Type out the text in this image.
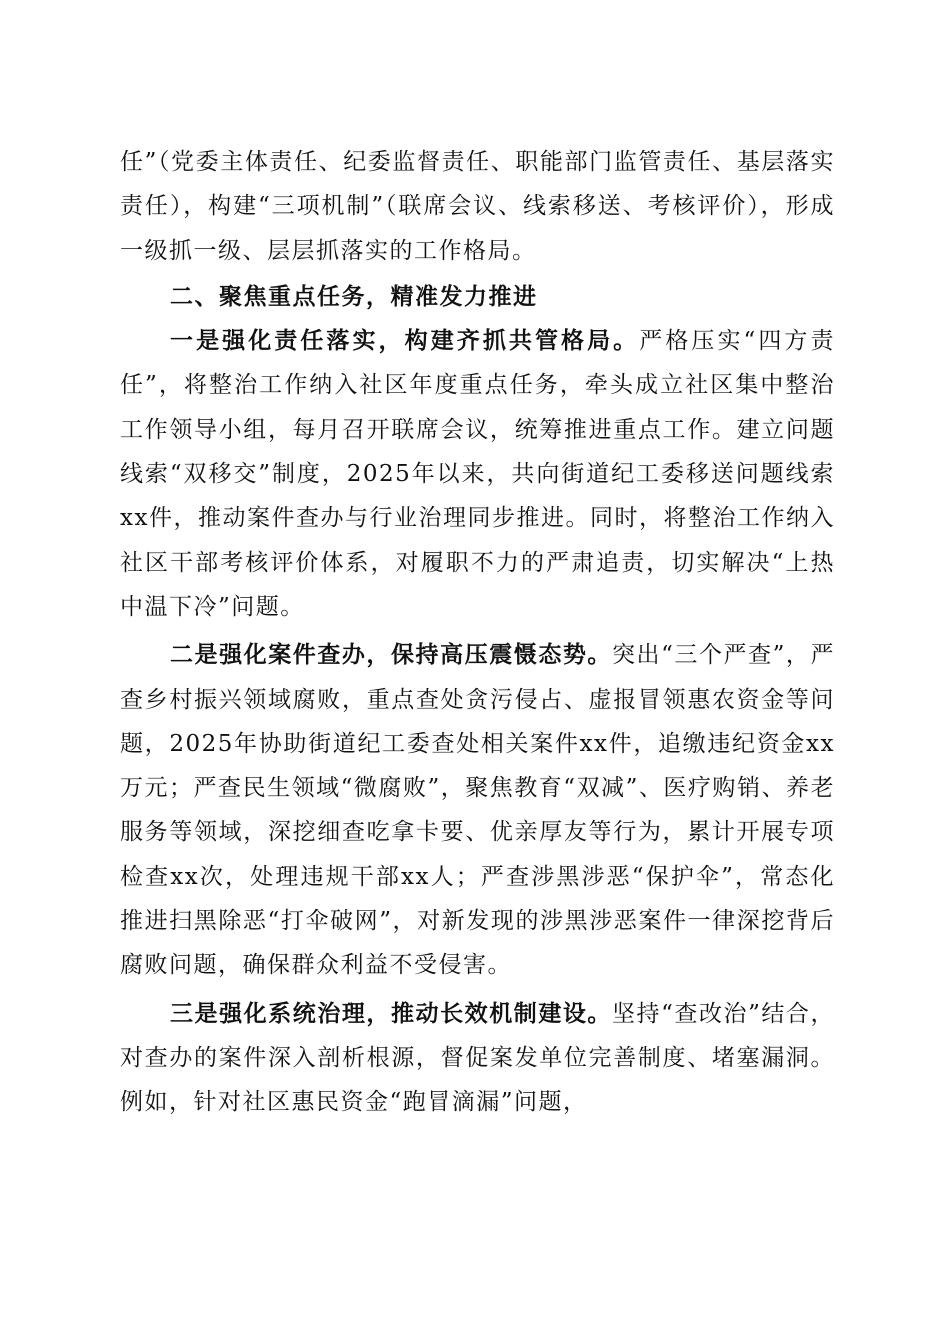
任”（党委主体责任、纪委监督责任、职能部门监管责任、基层落实责任），构建“三项机制”（联席会议、线索移送、考核评价），形成一级抓一级、层层抓落实的工作格局。

二、聚焦重点任务，精准发力推进

一是强化责任落实，构建齐抓共管格局。严格压实“四方责任”，将整治工作纳入社区年度重点任务，牵头成立社区集中整治工作领导小组，每月召开联席会议，统筹推进重点工作。建立问题线索“双移交”制度，2025年以来，共向街道纪工委移送问题线索xx件，推动案件查办与行业治理同步推进。同时，将整治工作纳入社区干部考核评价体系，对履职不力的严肃追责，切实解决“上热中温下冷”问题。

二是强化案件查办，保持高压震慑态势。突出“三个严查”，严查乡村振兴领域腐败，重点查处贪污侵占、虚报冒领惠农资金等问题，2025年协助街道纪工委查处相关案件xx件，追缴违纪资金xx万元；严查民生领域“微腐败”，聚焦教育“双减”、医疗购销、养老服务等领域，深挖细查吃拿卡要、优亲厚友等行为，累计开展专项检查xx次，处理违规干部xx人；严查涉黑涉恶“保护伞”，常态化推进扫黑除恶“打伞破网”，对新发现的涉黑涉恶案件一律深挖背后腐败问题，确保群众利益不受侵害。

三是强化系统治理，推动长效机制建设。坚持“查改治”结合，对查办的案件深入剖析根源，督促案发单位完善制度、堵塞漏洞。例如，针对社区惠民资金“跑冒滴漏”问题，
